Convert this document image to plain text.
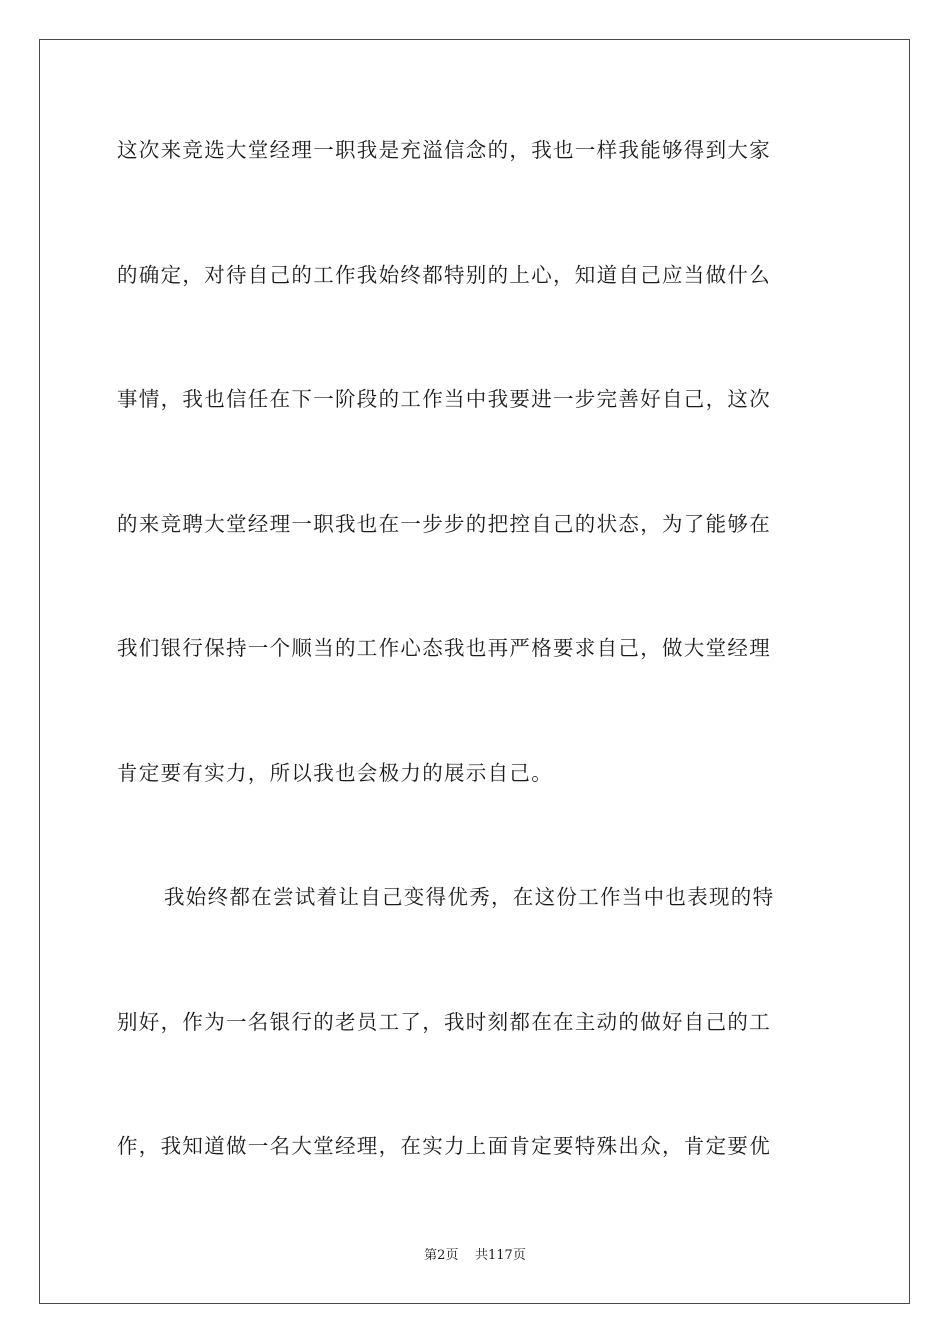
这次来竞选大堂经理一职我是充溢信念的，我也一样我能够得到大家
的确定，对待自己的工作我始终都特别的上心，知道自己应当做什么
事情，我也信任在下一阶段的工作当中我要进一步完善好自己，这次
的来竞聘大堂经理一职我也在一步步的把控自己的状态，为了能够在
我们银行保持一个顺当的工作心态我也再严格要求自己，做大堂经理
肯定要有实力，所以我也会极力的展示自己。
我始终都在尝试着让自己变得优秀，在这份工作当中也表现的特
别好，作为一名银行的老员工了，我时刻都在在主动的做好自己的工
作，我知道做一名大堂经理，在实力上面肯定要特殊出众，肯定要优
第2页 共117页
